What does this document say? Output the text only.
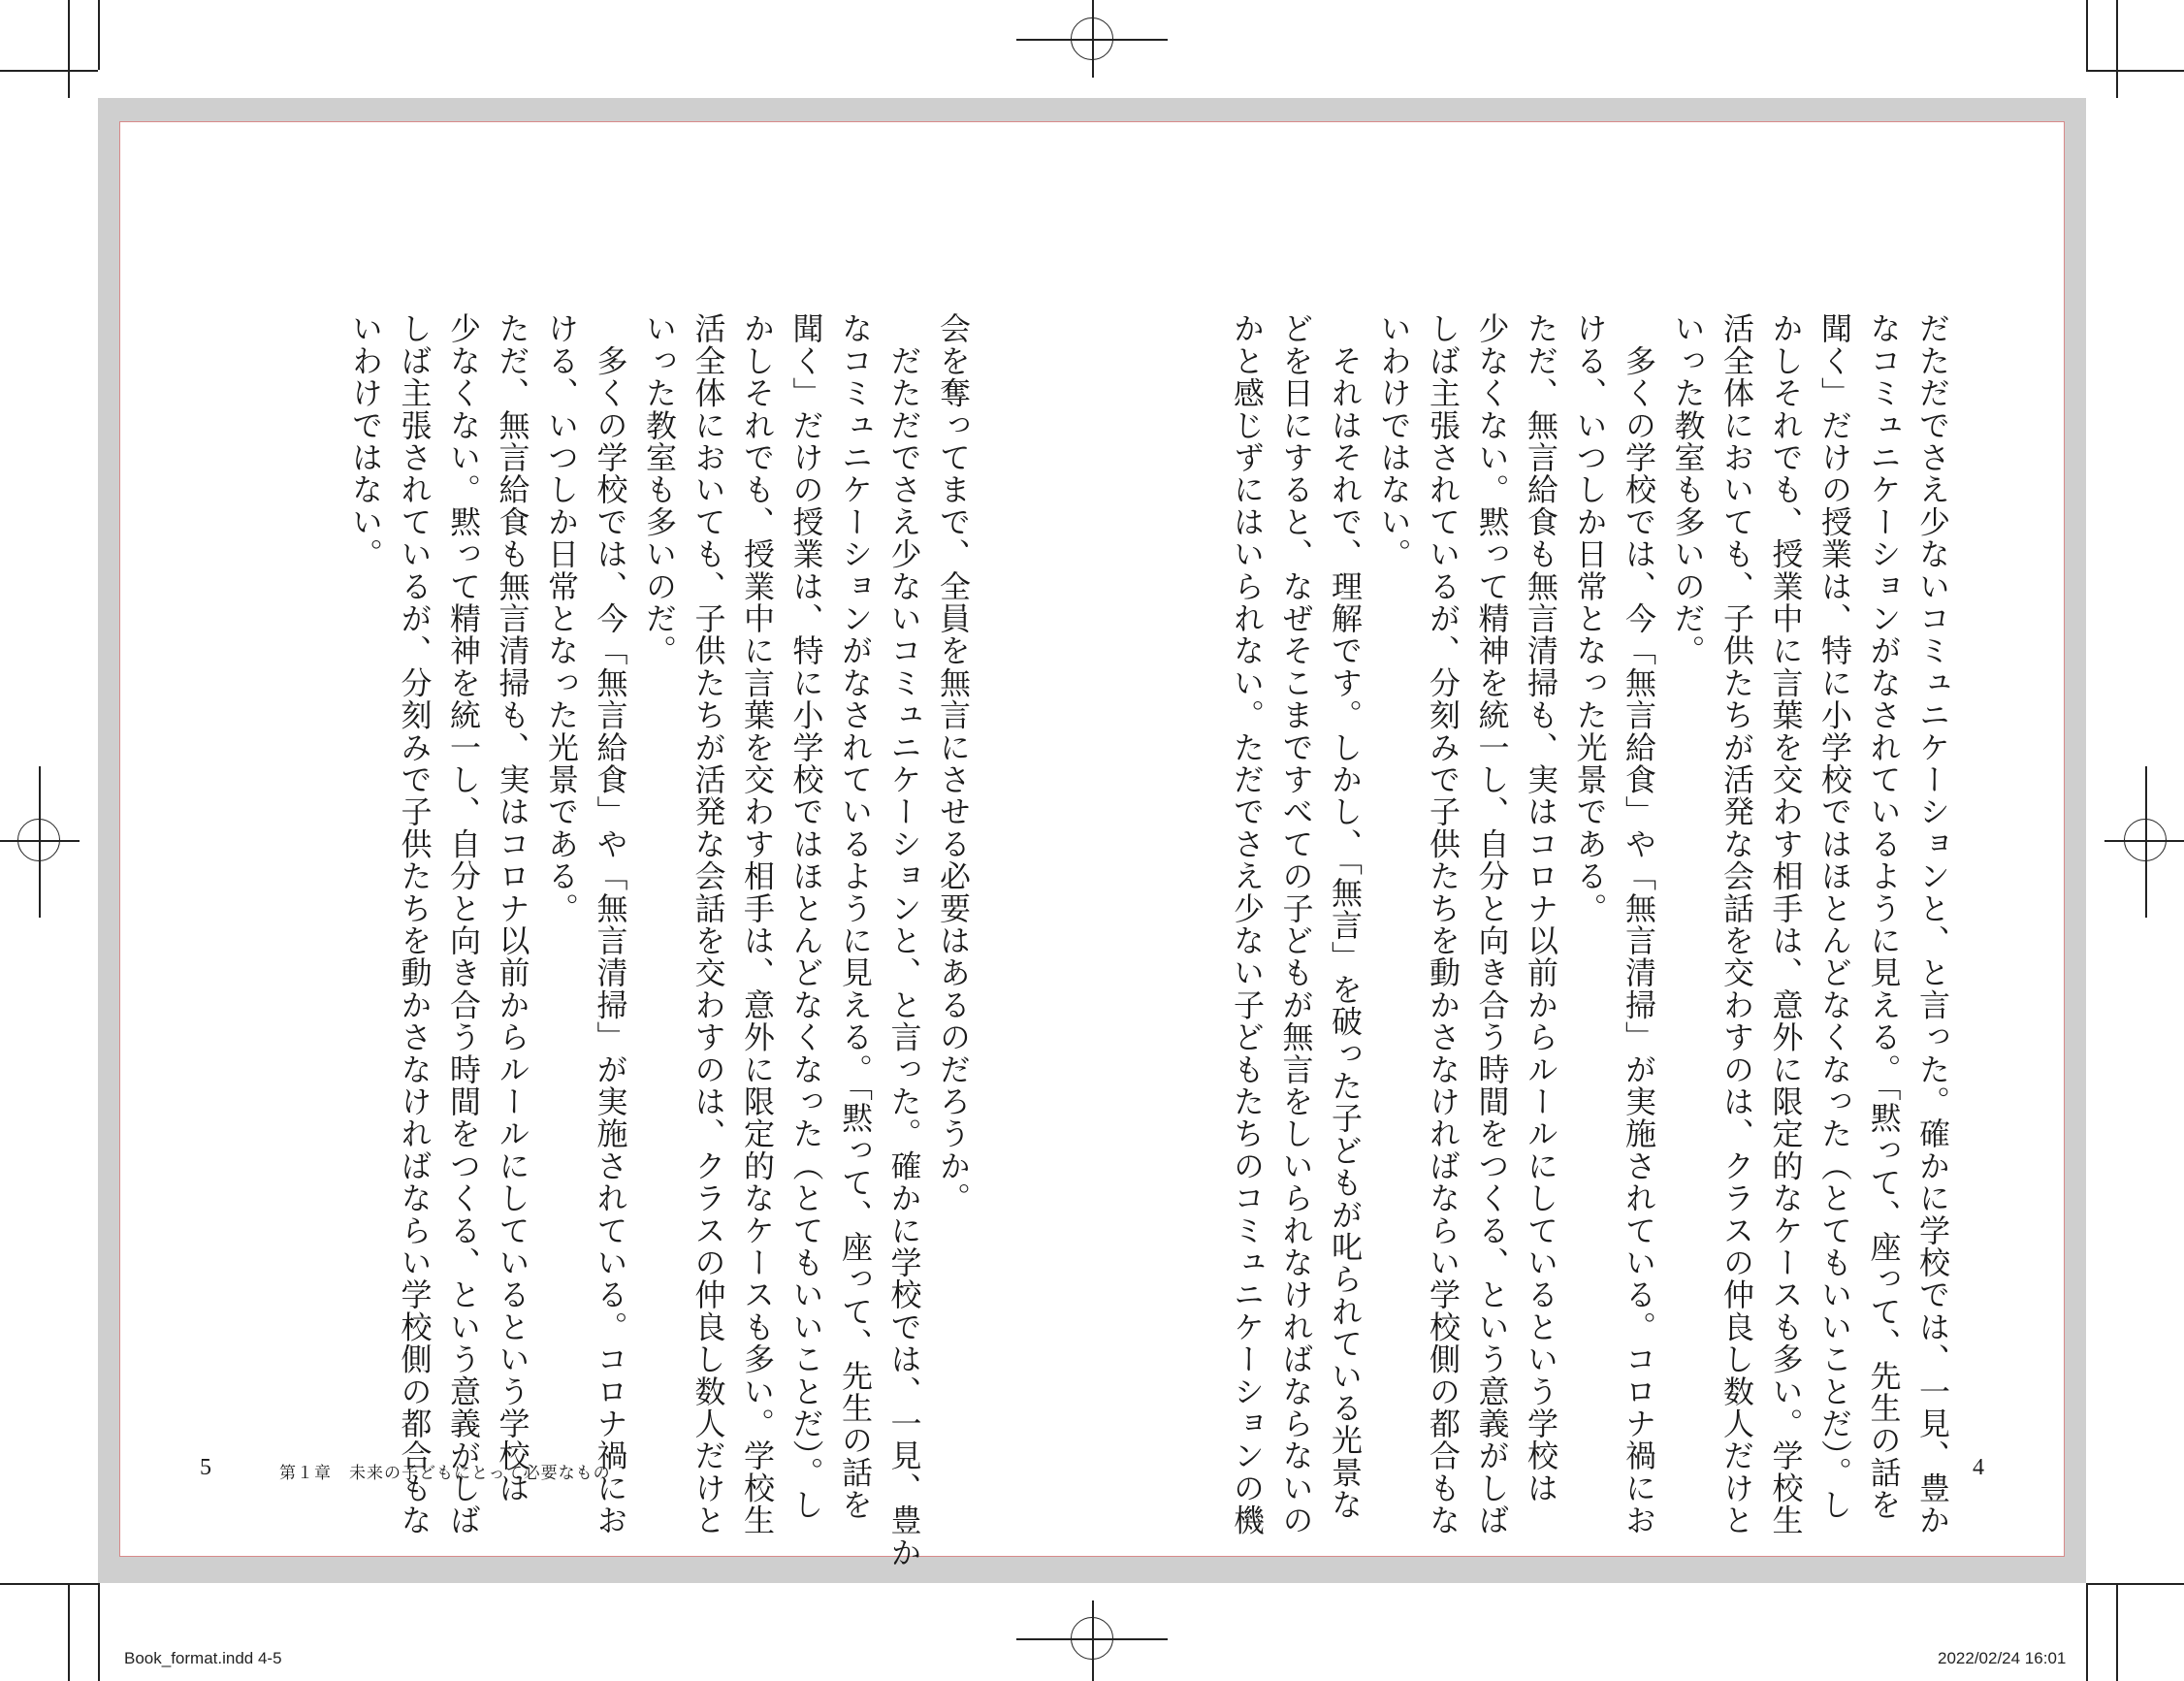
だただでさえ少ないコミュニケーションと、と言った。確かに学校では、一見、豊か
なコミュニケーションがなされているように見える。「黙って、座って、先生の話を
聞く」だけの授業は、特に小学校ではほとんどなくなった（とてもいいことだ）。し
かしそれでも、授業中に言葉を交わす相手は、意外に限定的なケースも多い。学校生
活全体においても、子供たちが活発な会話を交わすのは、クラスの仲良し数人だけと
いった教室も多いのだ。
　多くの学校では、今「無言給食」や「無言清掃」が実施されている。コロナ禍にお
ける、いつしか日常となった光景である。
ただ、無言給食も無言清掃も、実はコロナ以前からルールにしているという学校は
少なくない。黙って精神を統一し、自分と向き合う時間をつくる、という意義がしば
しば主張されているが、分刻みで子供たちを動かさなければならい学校側の都合もな
いわけではない。
　それはそれで、理解です。しかし、「無言」を破った子どもが叱られている光景な
どを日にすると、なぜそこまですべての子どもが無言をしいられなければならないの
かと感じずにはいられない。ただでさえ少ない子どもたちのコミュニケーションの機
会を奪ってまで、全員を無言にさせる必要はあるのだろうか。
　だただでさえ少ないコミュニケーションと、と言った。確かに学校では、一見、豊か
なコミュニケーションがなされているように見える。「黙って、座って、先生の話を
聞く」だけの授業は、特に小学校ではほとんどなくなった（とてもいいことだ）。し
かしそれでも、授業中に言葉を交わす相手は、意外に限定的なケースも多い。学校生
活全体においても、子供たちが活発な会話を交わすのは、クラスの仲良し数人だけと
いった教室も多いのだ。
　多くの学校では、今「無言給食」や「無言清掃」が実施されている。コロナ禍にお
ける、いつしか日常となった光景である。
ただ、無言給食も無言清掃も、実はコロナ以前からルールにしているという学校は
少なくない。黙って精神を統一し、自分と向き合う時間をつくる、という意義がしば
しば主張されているが、分刻みで子供たちを動かさなければならい学校側の都合もな
いわけではない。
4
5	第１章　未来の子どもにとって必要なもの
Book_format.indd 4-5	2022/02/24 16:01
